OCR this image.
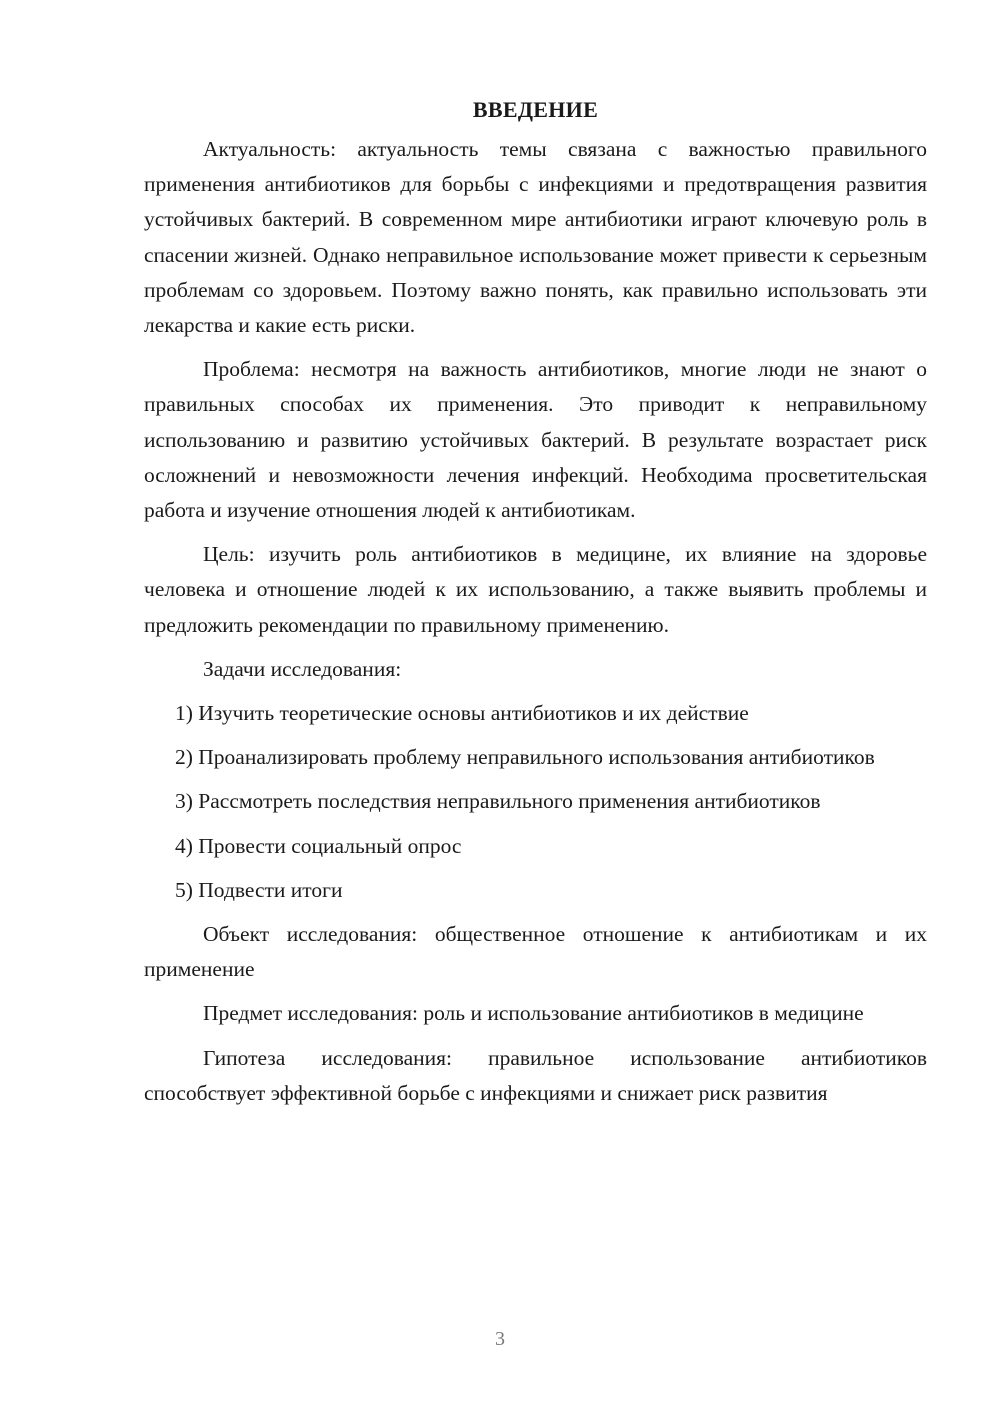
ВВЕДЕНИЕ

Актуальность: актуальность темы связана с важностью правильного применения антибиотиков для борьбы с инфекциями и предотвращения развития устойчивых бактерий. В современном мире антибиотики играют ключевую роль в спасении жизней. Однако неправильное использование может привести к серьезным проблемам со здоровьем. Поэтому важно понять, как правильно использовать эти лекарства и какие есть риски.

Проблема: несмотря на важность антибиотиков, многие люди не знают о правильных способах их применения. Это приводит к неправильному использованию и развитию устойчивых бактерий. В результате возрастает риск осложнений и невозможности лечения инфекций. Необходима просветительская работа и изучение отношения людей к антибиотикам.

Цель: изучить роль антибиотиков в медицине, их влияние на здоровье человека и отношение людей к их использованию, а также выявить проблемы и предложить рекомендации по правильному применению.

Задачи исследования:

1) Изучить теоретические основы антибиотиков и их действие

2) Проанализировать проблему неправильного использования антибиотиков

3) Рассмотреть последствия неправильного применения антибиотиков

4) Провести социальный опрос

5) Подвести итоги

Объект исследования: общественное отношение к антибиотикам и их применение

Предмет исследования: роль и использование антибиотиков в медицине

Гипотеза исследования: правильное использование антибиотиков способствует эффективной борьбе с инфекциями и снижает риск развития

3
